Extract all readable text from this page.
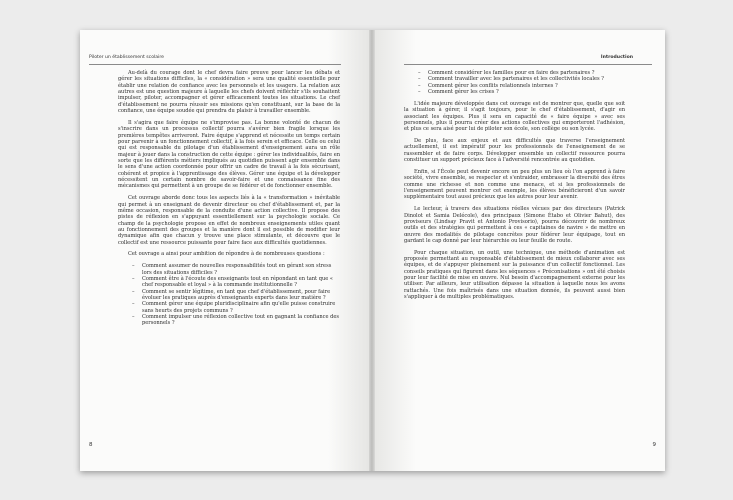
Piloter un établissement scolaire

Au-delà du courage dont le chef devra faire preuve pour lancer les débats et gérer les situations difficiles, la « considération » sera une qualité essentielle pour établir une relation de confiance avec les personnels et les usagers. La relation aux autres est une question majeure à laquelle les chefs doivent réfléchir s'ils souhaitent impulser, piloter, accompagner et gérer efficacement toutes les situations. Le chef d'établissement ne pourra réussir ses missions qu'en constituant, sur la base de la confiance, une équipe soudée qui prendra du plaisir à travailler ensemble.

Il s'agira que faire équipe ne s'improvise pas. La bonne volonté de chacun de s'inscrire dans un processus collectif pourra s'avérer bien fragile lorsque les premières tempêtes arriveront. Faire équipe s'apprend et nécessite un temps certain pour parvenir à un fonctionnement collectif, à la fois serein et efficace. Celle ou celui qui est responsable du pilotage d'un établissement d'enseignement aura un rôle majeur à jouer dans la construction de cette équipe : gérer les individualités, faire en sorte que les différents métiers impliqués au quotidien puissent agir ensemble dans le sens d'une action coordonnée pour offrir un cadre de travail à la fois sécurisant, cohérent et propice à l'apprentissage des élèves. Gérer une équipe et la développer nécessitent un certain nombre de savoir-faire et une connaissance fine des mécanismes qui permettent à un groupe de se fédérer et de fonctionner ensemble.

Cet ouvrage aborde donc tous les aspects liés à la « transformation » inévitable qui permet à un enseignant de devenir directeur ou chef d'établissement et, par la même occasion, responsable de la conduite d'une action collective. Il propose des pistes de réflexion en s'appuyant essentiellement sur la psychologie sociale. Ce champ de la psychologie propose en effet de nombreux enseignements utiles quant au fonctionnement des groupes et la manière dont il est possible de modifier leur dynamique afin que chacun y trouve une place stimulante, et découvre que le collectif est une ressource puissante pour faire face aux difficultés quotidiennes.

Cet ouvrage a ainsi pour ambition de répondre à de nombreuses questions :

– Comment assumer de nouvelles responsabilités tout en gérant son stress lors des situations difficiles ?
– Comment être à l'écoute des enseignants tout en répondant en tant que « chef responsable et loyal » à la commande institutionnelle ?
– Comment se sentir légitime, en tant que chef d'établissement, pour faire évoluer les pratiques auprès d'enseignants experts dans leur matière ?
– Comment gérer une équipe pluridisciplinaire afin qu'elle puisse construire sans heurts des projets communs ?
– Comment impulser une réflexion collective tout en gagnant la confiance des personnels ?
8
Introduction
– Comment considérer les familles pour en faire des partenaires ?
– Comment travailler avec les partenaires et les collectivités locales ?
– Comment gérer les conflits relationnels internes ?
– Comment gérer les crises ?

L'idée majeure développée dans cet ouvrage est de montrer que, quelle que soit la situation à gérer, il s'agit toujours, pour le chef d'établissement, d'agir en associant les équipes. Plus il sera en capacité de « faire équipe » avec ses personnels, plus il pourra créer des actions collectives qui emporteront l'adhésion, et plus ce sera aisé pour lui de piloter son école, son collège ou son lycée.

De plus, face aux enjeux et aux difficultés que traverse l'enseignement actuellement, il est impératif pour les professionnels de l'enseignement de se rassembler et de faire corps. Développer ensemble un collectif ressource pourra constituer un support précieux face à l'adversité rencontrée au quotidien.

Enfin, si l'École peut devenir encore un peu plus un lieu où l'on apprend à faire société, vivre ensemble, se respecter et s'entraider, embrasser la diversité des êtres comme une richesse et non comme une menace, et si les professionnels de l'enseignement peuvent montrer cet exemple, les élèves bénéficieront d'un savoir supplémentaire tout aussi précieux que les autres pour leur avenir.

Le lecteur, à travers des situations réelles vécues par des directeurs (Patrick Dinolot et Samia Delécole), des principaux (Simone Étabo et Olivier Bahut), des proviseurs (Lindsay Pravit et Antonio Provisorio), pourra découvrir de nombreux outils et des stratégies qui permettent à ces « capitaines de navire » de mettre en œuvre des modalités de pilotage concrètes pour fédérer leur équipage, tout en gardant le cap donné par leur hiérarchie ou leur feuille de route.

Pour chaque situation, un outil, une technique, une méthode d'animation est proposée permettant au responsable d'établissement de mieux collaborer avec ses équipes, et de s'appuyer pleinement sur la puissance d'un collectif fonctionnel. Les conseils pratiques qui figurent dans les séquences « Préconisations » ont été choisis pour leur facilité de mise en œuvre. Nul besoin d'accompagnement externe pour les utiliser. Par ailleurs, leur utilisation dépasse la situation à laquelle nous les avons rattachés. Une fois maîtrisés dans une situation donnée, ils peuvent aussi bien s'appliquer à de multiples problématiques.

9
